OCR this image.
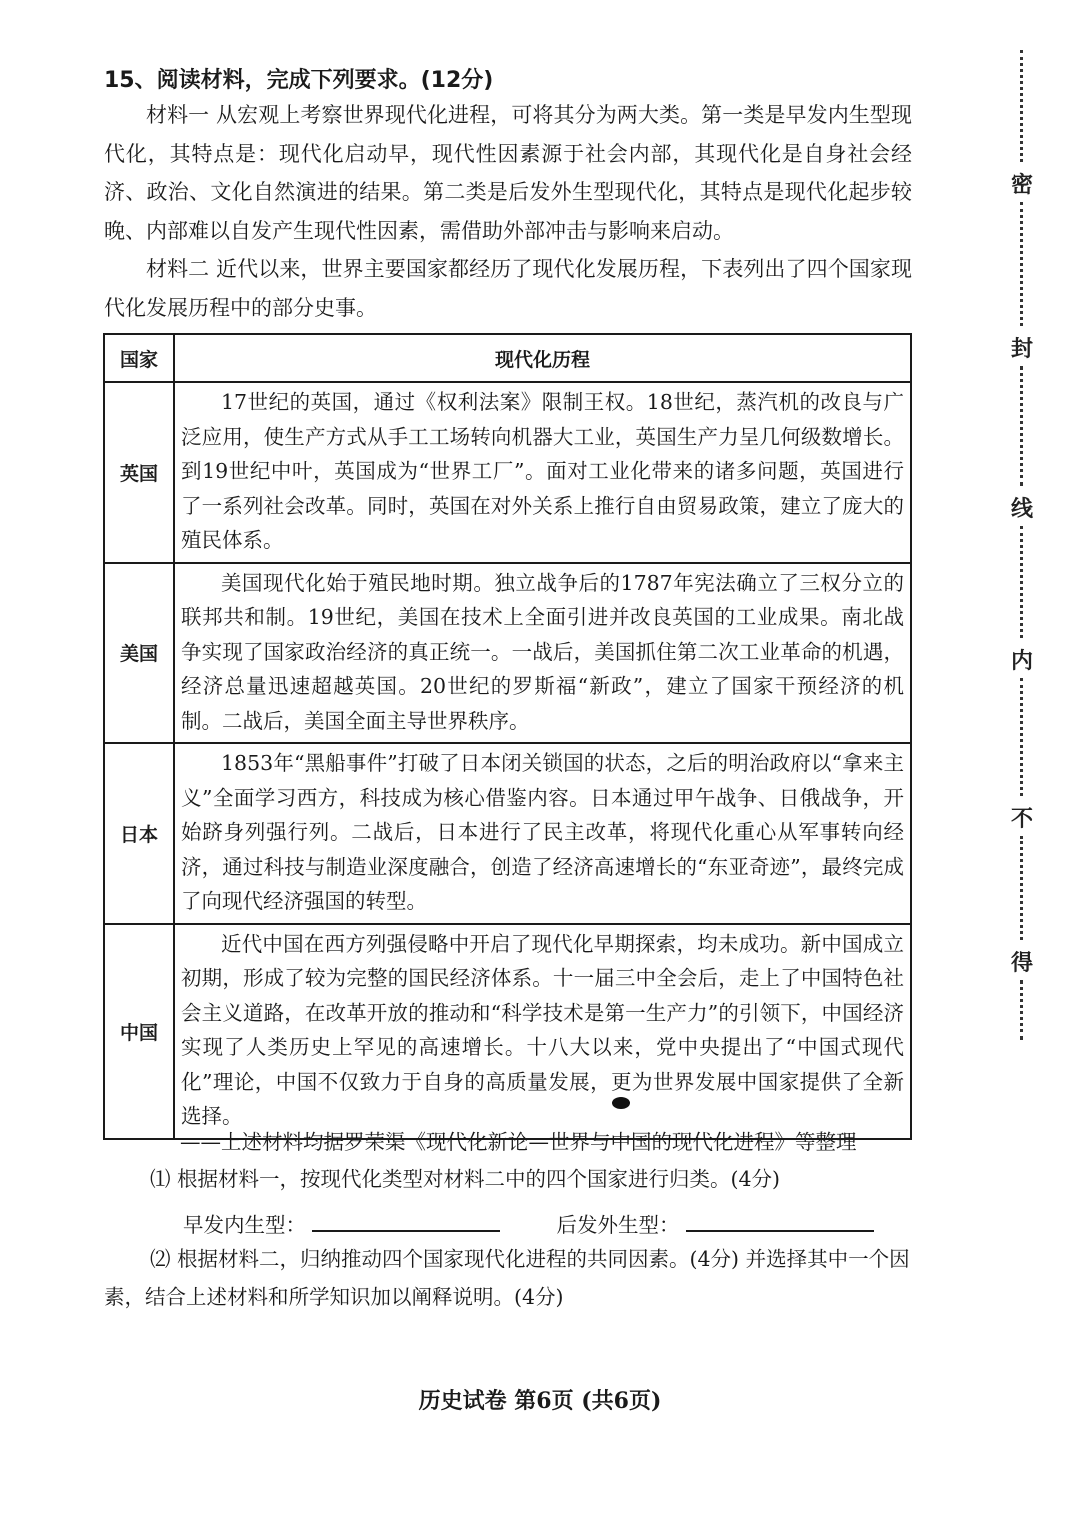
15、阅读材料，完成下列要求。(12分)

材料一 从宏观上考察世界现代化进程，可将其分为两大类。第一类是早发内生型现代化，其特点是：现代化启动早，现代性因素源于社会内部，其现代化是自身社会经济、政治、文化自然演进的结果。第二类是后发外生型现代化，其特点是现代化起步较晚、内部难以自发产生现代性因素，需借助外部冲击与影响来启动。

材料二 近代以来，世界主要国家都经历了现代化发展历程，下表列出了四个国家现代化发展历程中的部分史事。

国家	现代化历程
英国	17世纪的英国，通过《权利法案》限制王权。18世纪，蒸汽机的改良与广泛应用，使生产方式从手工工场转向机器大工业，英国生产力呈几何级数增长。到19世纪中叶，英国成为“世界工厂”。面对工业化带来的诸多问题，英国进行了一系列社会改革。同时，英国在对外关系上推行自由贸易政策，建立了庞大的殖民体系。
美国	美国现代化始于殖民地时期。独立战争后的1787年宪法确立了三权分立的联邦共和制。19世纪，美国在技术上全面引进并改良英国的工业成果。南北战争实现了国家政治经济的真正统一。一战后，美国抓住第二次工业革命的机遇，经济总量迅速超越英国。20世纪的罗斯福“新政”，建立了国家干预经济的机制。二战后，美国全面主导世界秩序。
日本	1853年“黑船事件”打破了日本闭关锁国的状态，之后的明治政府以“拿来主义”全面学习西方，科技成为核心借鉴内容。日本通过甲午战争、日俄战争，开始跻身列强行列。二战后，日本进行了民主改革，将现代化重心从军事转向经济，通过科技与制造业深度融合，创造了经济高速增长的“东亚奇迹”，最终完成了向现代经济强国的转型。
中国	近代中国在西方列强侵略中开启了现代化早期探索，均未成功。新中国成立初期，形成了较为完整的国民经济体系。十一届三中全会后，走上了中国特色社会主义道路，在改革开放的推动和“科学技术是第一生产力”的引领下，中国经济实现了人类历史上罕见的高速增长。十八大以来，党中央提出了“中国式现代化”理论，中国不仅致力于自身的高质量发展，更为世界发展中国家提供了全新选择。
——上述材料均据罗荣渠《现代化新论—世界与中国的现代化进程》等整理
⑴ 根据材料一，按现代化类型对材料二中的四个国家进行归类。(4分)
早发内生型：	后发外生型：
⑵ 根据材料二，归纳推动四个国家现代化进程的共同因素。(4分) 并选择其中一个因素，结合上述材料和所学知识加以阐释说明。(4分)
历史试卷 第6页 (共6页)
密
封
线
内
不
得
